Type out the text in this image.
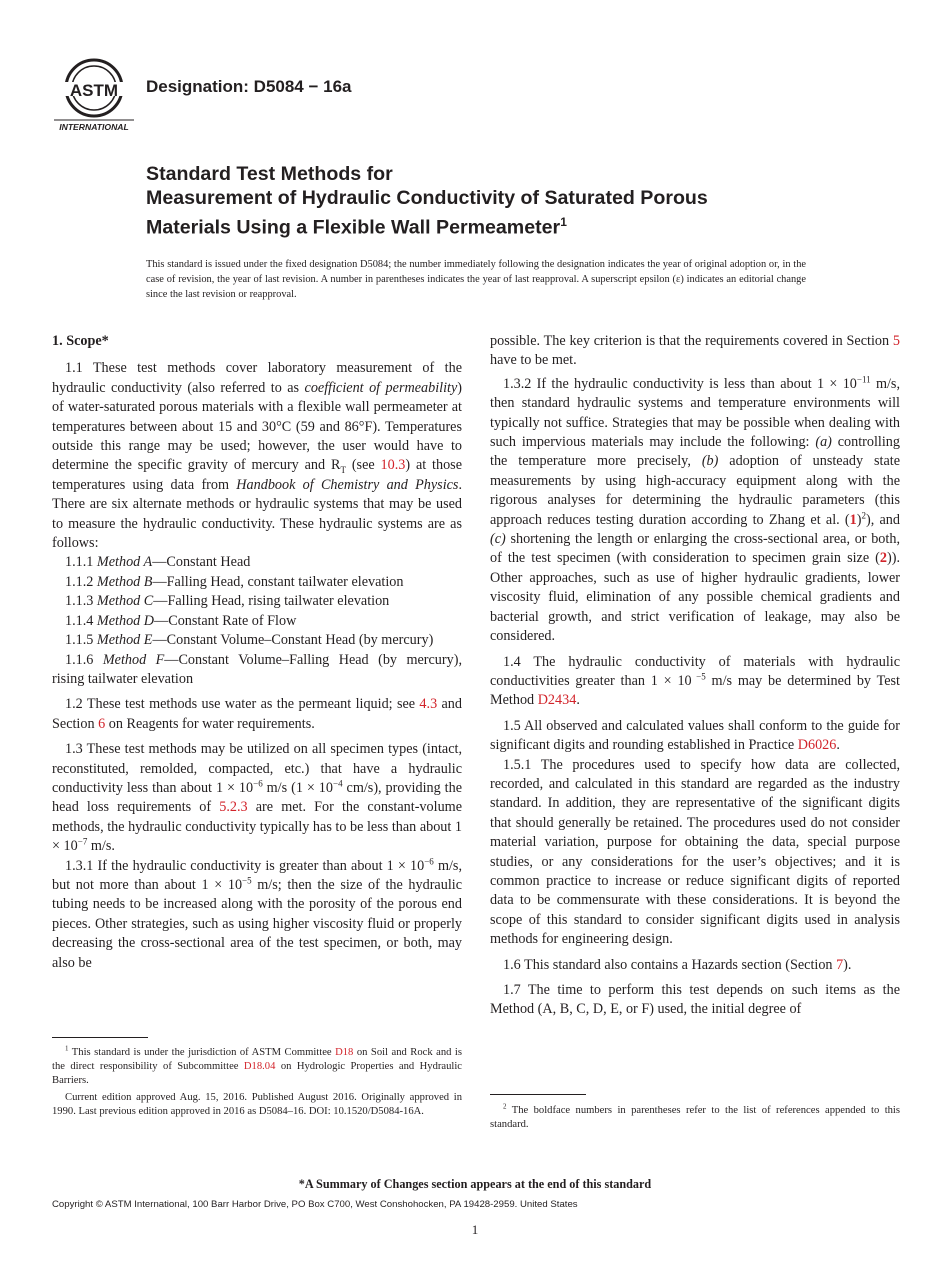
ASTM
INTERNATIONAL
Designation: D5084 − 16a
Standard Test Methods for
Measurement of Hydraulic Conductivity of Saturated Porous
Materials Using a Flexible Wall Permeameter$^1$
This standard is issued under the fixed designation D5084; the number immediately following the designation indicates the year of original adoption or, in the case of revision, the year of last revision. A number in parentheses indicates the year of last reapproval. A superscript epsilon (ε) indicates an editorial change since the last revision or reapproval.
1. Scope*

1.1 These test methods cover laboratory measurement of the hydraulic conductivity (also referred to as coefficient of permeability) of water-saturated porous materials with a flexible wall permeameter at temperatures between about 15 and 30°C (59 and 86°F). Temperatures outside this range may be used; however, the user would have to determine the specific gravity of mercury and $R_T$ (see 10.3) at those temperatures using data from Handbook of Chemistry and Physics. There are six alternate methods or hydraulic systems that may be used to measure the hydraulic conductivity. These hydraulic systems are as follows:

1.1.1 Method A—Constant Head

1.1.2 Method B—Falling Head, constant tailwater elevation

1.1.3 Method C—Falling Head, rising tailwater elevation

1.1.4 Method D—Constant Rate of Flow

1.1.5 Method E—Constant Volume–Constant Head (by mercury)

1.1.6 Method F—Constant Volume–Falling Head (by mercury), rising tailwater elevation

1.2 These test methods use water as the permeant liquid; see 4.3 and Section 6 on Reagents for water requirements.

1.3 These test methods may be utilized on all specimen types (intact, reconstituted, remolded, compacted, etc.) that have a hydraulic conductivity less than about $1 \times 10^{-6}$ m/s ($1 \times 10^{-4}$ cm/s), providing the head loss requirements of 5.2.3 are met. For the constant-volume methods, the hydraulic conductivity typically has to be less than about $1 \times 10^{-7}$ m/s.

1.3.1 If the hydraulic conductivity is greater than about $1 \times 10^{-6}$ m/s, but not more than about $1 \times 10^{-5}$ m/s; then the size of the hydraulic tubing needs to be increased along with the porosity of the porous end pieces. Other strategies, such as using higher viscosity fluid or properly decreasing the cross-sectional area of the test specimen, or both, may also be

$^1$ This standard is under the jurisdiction of ASTM Committee D18 on Soil and Rock and is the direct responsibility of Subcommittee D18.04 on Hydrologic Properties and Hydraulic Barriers.

Current edition approved Aug. 15, 2016. Published August 2016. Originally approved in 1990. Last previous edition approved in 2016 as D5084–16. DOI: 10.1520/D5084-16A.

possible. The key criterion is that the requirements covered in Section 5 have to be met.

1.3.2 If the hydraulic conductivity is less than about $1 \times 10^{-11}$ m/s, then standard hydraulic systems and temperature environments will typically not suffice. Strategies that may be possible when dealing with such impervious materials may include the following: (a) controlling the temperature more precisely, (b) adoption of unsteady state measurements by using high-accuracy equipment along with the rigorous analyses for determining the hydraulic parameters (this approach reduces testing duration according to Zhang et al. $(1)^2$), and (c) shortening the length or enlarging the cross-sectional area, or both, of the test specimen (with consideration to specimen grain size (2)). Other approaches, such as use of higher hydraulic gradients, lower viscosity fluid, elimination of any possible chemical gradients and bacterial growth, and strict verification of leakage, may also be considered.

1.4 The hydraulic conductivity of materials with hydraulic conductivities greater than 1 × 10 $^{-5}$ m/s may be determined by Test Method D2434.

1.5 All observed and calculated values shall conform to the guide for significant digits and rounding established in Practice D6026.

1.5.1 The procedures used to specify how data are collected, recorded, and calculated in this standard are regarded as the industry standard. In addition, they are representative of the significant digits that should generally be retained. The procedures used do not consider material variation, purpose for obtaining the data, special purpose studies, or any considerations for the user’s objectives; and it is common practice to increase or reduce significant digits of reported data to be commensurate with these considerations. It is beyond the scope of this standard to consider significant digits used in analysis methods for engineering design.

1.6 This standard also contains a Hazards section (Section 7).

1.7 The time to perform this test depends on such items as the Method (A, B, C, D, E, or F) used, the initial degree of

$^2$ The boldface numbers in parentheses refer to the list of references appended to this standard.

*A Summary of Changes section appears at the end of this standard
Copyright © ASTM International, 100 Barr Harbor Drive, PO Box C700, West Conshohocken, PA 19428-2959. United States
1
